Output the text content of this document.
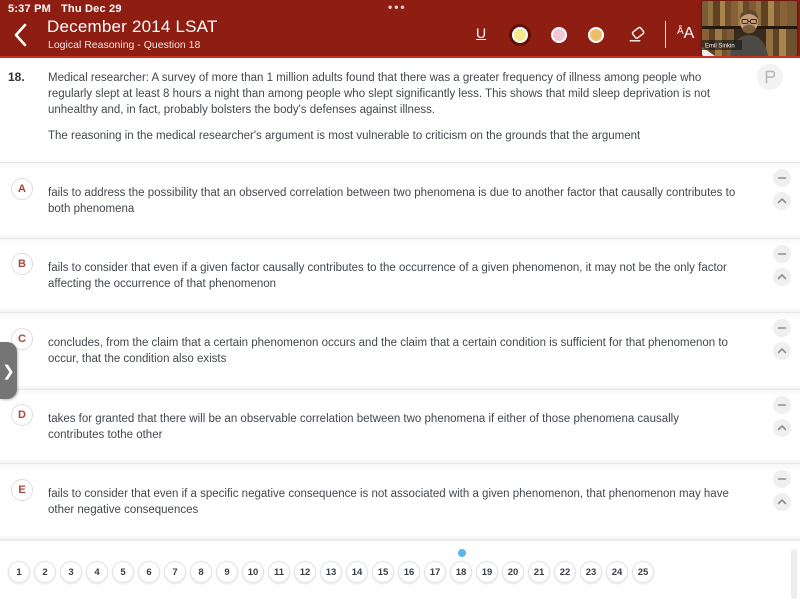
5:37 PM Thu Dec 29	•••
December 2014 LSAT
Logical Reasoning - Question 18
U	$^Å$A
Emil Sinkin
18. Medical researcher: A survey of more than 1 million adults found that there was a greater frequency of illness among people who regularly slept at least 8 hours a night than among people who slept significantly less. This shows that mild sleep deprivation is not unhealthy and, in fact, probably bolsters the body's defenses against illness.
The reasoning in the medical researcher's argument is most vulnerable to criticism on the grounds that the argument
A	fails to address the possibility that an observed correlation between two phenomena is due to another factor that causally contributes to both phenomena
B	fails to consider that even if a given factor causally contributes to the occurrence of a given phenomenon, it may not be the only factor affecting the occurrence of that phenomenon
C	concludes, from the claim that a certain phenomenon occurs and the claim that a certain condition is sufficient for that phenomenon to occur, that the condition also exists
D	takes for granted that there will be an observable correlation between two phenomena if either of those phenomena causally contributes tothe other
E	fails to consider that even if a specific negative consequence is not associated with a given phenomenon, that phenomenon may have other negative consequences
❯
1 2 3 4 5 6 7 8 9 10 11 12 13 14 15 16 17 18 19 20 21 22 23 24 25
